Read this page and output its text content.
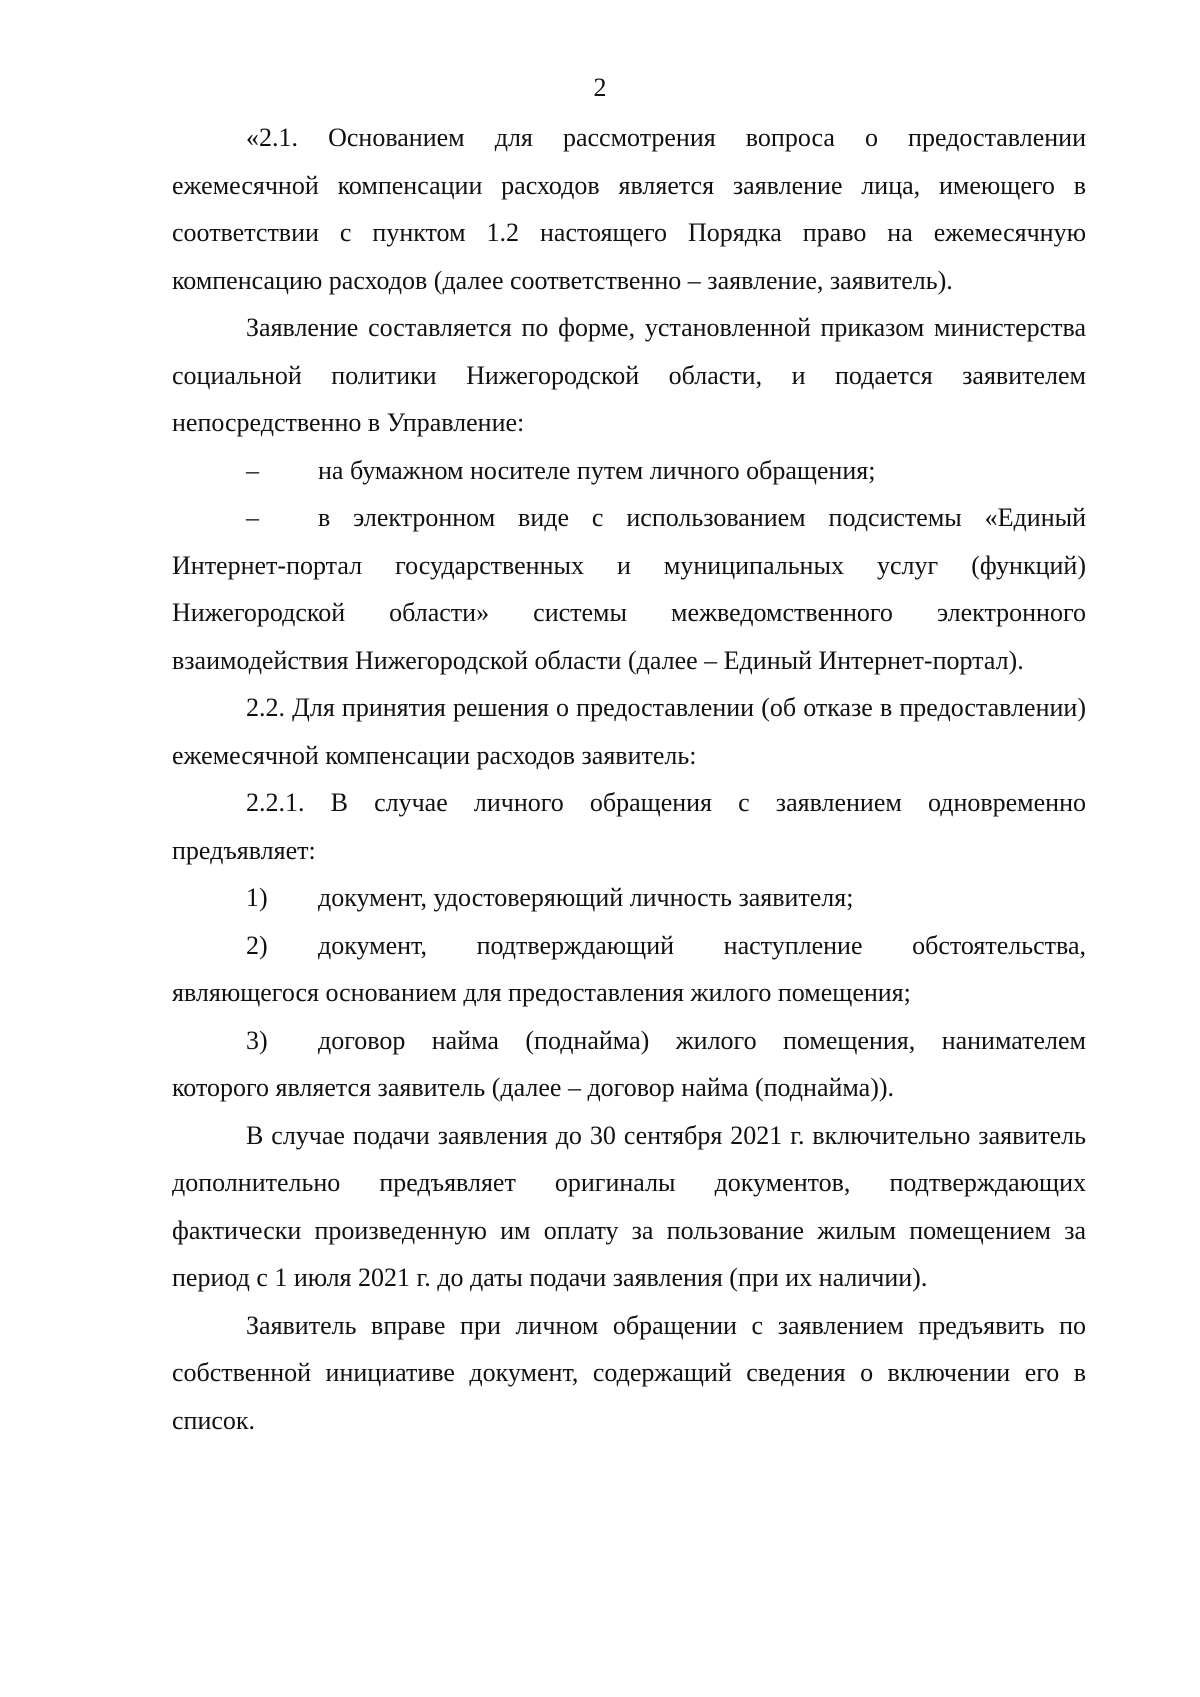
2

«2.1. Основанием для рассмотрения вопроса о предоставлении ежемесячной компенсации расходов является заявление лица, имеющего в соответствии с пунктом 1.2 настоящего Порядка право на ежемесячную компенсацию расходов (далее соответственно – заявление, заявитель).

Заявление составляется по форме, установленной приказом министерства социальной политики Нижегородской области, и подается заявителем непосредственно в Управление:

– на бумажном носителе путем личного обращения;
– в электронном виде с использованием подсистемы «Единый Интернет-портал государственных и муниципальных услуг (функций) Нижегородской области» системы межведомственного электронного взаимодействия Нижегородской области (далее – Единый Интернет-портал).

2.2. Для принятия решения о предоставлении (об отказе в предоставлении) ежемесячной компенсации расходов заявитель:

2.2.1. В случае личного обращения с заявлением одновременно предъявляет:

1) документ, удостоверяющий личность заявителя;
2) документ, подтверждающий наступление обстоятельства, являющегося основанием для предоставления жилого помещения;
3) договор найма (поднайма) жилого помещения, нанимателем которого является заявитель (далее – договор найма (поднайма)).

В случае подачи заявления до 30 сентября 2021 г. включительно заявитель дополнительно предъявляет оригиналы документов, подтверждающих фактически произведенную им оплату за пользование жилым помещением за период с 1 июля 2021 г. до даты подачи заявления (при их наличии).

Заявитель вправе при личном обращении с заявлением предъявить по собственной инициативе документ, содержащий сведения о включении его в список.
